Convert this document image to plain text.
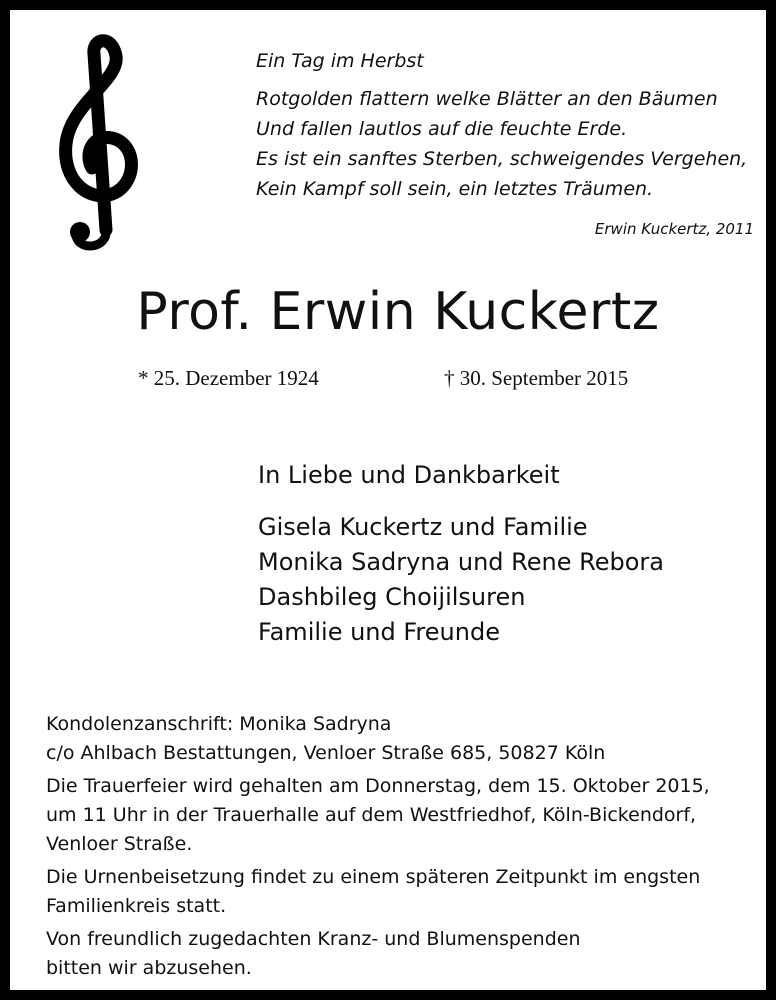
Ein Tag im Herbst
Rotgolden flattern welke Blätter an den Bäumen
Und fallen lautlos auf die feuchte Erde.
Es ist ein sanftes Sterben, schweigendes Vergehen,
Kein Kampf soll sein, ein letztes Träumen.
Erwin Kuckertz, 2011
Prof. Erwin Kuckertz
* 25. Dezember 1924	† 30. September 2015
In Liebe und Dankbarkeit
Gisela Kuckertz und Familie
Monika Sadryna und Rene Rebora
Dashbileg Choijilsuren
Familie und Freunde
Kondolenzanschrift: Monika Sadryna
c/o Ahlbach Bestattungen, Venloer Straße 685, 50827 Köln
Die Trauerfeier wird gehalten am Donnerstag, dem 15. Oktober 2015,
um 11 Uhr in der Trauerhalle auf dem Westfriedhof, Köln-Bickendorf,
Venloer Straße.
Die Urnenbeisetzung findet zu einem späteren Zeitpunkt im engsten
Familienkreis statt.
Von freundlich zugedachten Kranz- und Blumenspenden
bitten wir abzusehen.
